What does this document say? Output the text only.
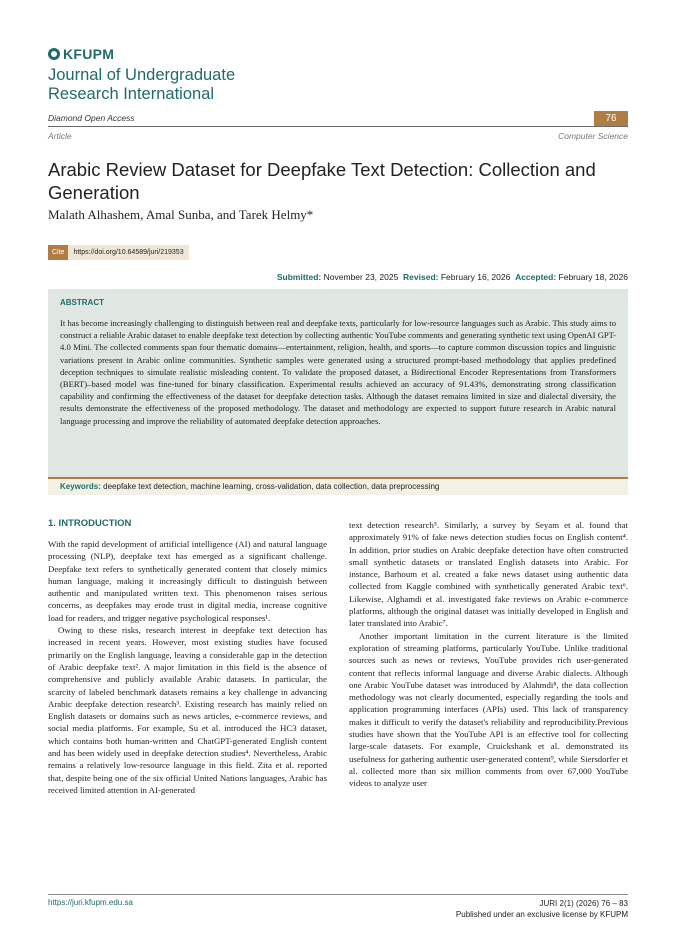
KFUPM
Journal of Undergraduate
Research International
Diamond Open Access	76
Article	Computer Science
Arabic Review Dataset for Deepfake Text Detection: Collection and Generation
Malath Alhashem, Amal Sunba, and Tarek Helmy*
Cite	https://doi.org/10.64589/juri/219353
Submitted: November 23, 2025 Revised: February 16, 2026 Accepted: February 18, 2026
ABSTRACT
It has become increasingly challenging to distinguish between real and deepfake texts, particularly for low-resource languages such as Arabic. This study aims to construct a reliable Arabic dataset to enable deepfake text detection by collecting authentic YouTube comments and generating synthetic text using OpenAI GPT-4.0 Mini. The collected comments span four thematic domains—entertainment, religion, health, and sports—to capture common discussion topics and linguistic variations present in Arabic online communities. Synthetic samples were generated using a structured prompt-based methodology that applies predefined deception techniques to simulate realistic misleading content. To validate the proposed dataset, a Bidirectional Encoder Representations from Transformers (BERT)–based model was fine-tuned for binary classification. Experimental results achieved an accuracy of 91.43%, demonstrating strong classification capability and confirming the effectiveness of the dataset for deepfake detection tasks. Although the dataset remains limited in size and dialectal diversity, the results demonstrate the effectiveness of the proposed methodology. The dataset and methodology are expected to support future research in Arabic natural language processing and improve the reliability of automated deepfake detection approaches.
Keywords: deepfake text detection, machine learning, cross-validation, data collection, data preprocessing
1. INTRODUCTION

With the rapid development of artificial intelligence (AI) and natural language processing (NLP), deepfake text has emerged as a significant challenge. Deepfake text refers to synthetically generated content that closely mimics human language, making it increasingly difficult to distinguish between authentic and manipulated written text. This phenomenon raises serious concerns, as deepfakes may erode trust in digital media, increase cognitive load for readers, and trigger negative psychological responses¹.

Owing to these risks, research interest in deepfake text detection has increased in recent years. However, most existing studies have focused primarily on the English language, leaving a considerable gap in the detection of Arabic deepfake text². A major limitation in this field is the absence of comprehensive and publicly available Arabic datasets. In particular, the scarcity of labeled benchmark datasets remains a key challenge in advancing Arabic deepfake detection research³. Existing research has mainly relied on English datasets or domains such as news articles, e-commerce reviews, and social media platforms. For example, Su et al. introduced the HC3 dataset, which contains both human-written and ChatGPT-generated English content and has been widely used in deepfake detection studies⁴. Nevertheless, Arabic remains a relatively low-resource language in this field. Zita et al. reported that, despite being one of the six official United Nations languages, Arabic has received limited attention in AI-generated

text detection research⁵. Similarly, a survey by Seyam et al. found that approximately 91% of fake news detection studies focus on English content⁴. In addition, prior studies on Arabic deepfake detection have often constructed small synthetic datasets or translated English datasets into Arabic. For instance, Barhoum et al. created a fake news dataset using authentic data collected from Kaggle combined with synthetically generated Arabic text⁶. Likewise, Alghamdi et al. investigated fake reviews on Arabic e-commerce platforms, although the original dataset was initially developed in English and later translated into Arabic⁷.

Another important limitation in the current literature is the limited exploration of streaming platforms, particularly YouTube. Unlike traditional sources such as news or reviews, YouTube provides rich user-generated content that reflects informal language and diverse Arabic dialects. Although one Arabic YouTube dataset was introduced by Alahmdi⁸, the data collection methodology was not clearly documented, especially regarding the tools and application programming interfaces (APIs) used. This lack of transparency makes it difficult to verify the dataset's reliability and reproducibility.Previous studies have shown that the YouTube API is an effective tool for collecting large-scale datasets. For example, Cruickshank et al. demonstrated its usefulness for gathering authentic user-generated content⁹, while Siersdorfer et al. collected more than six million comments from over 67,000 YouTube videos to analyze user

https://juri.kfupm.edu.sa	JURI 2(1) (2026) 76 – 83
Published under an exclusive license by KFUPM
